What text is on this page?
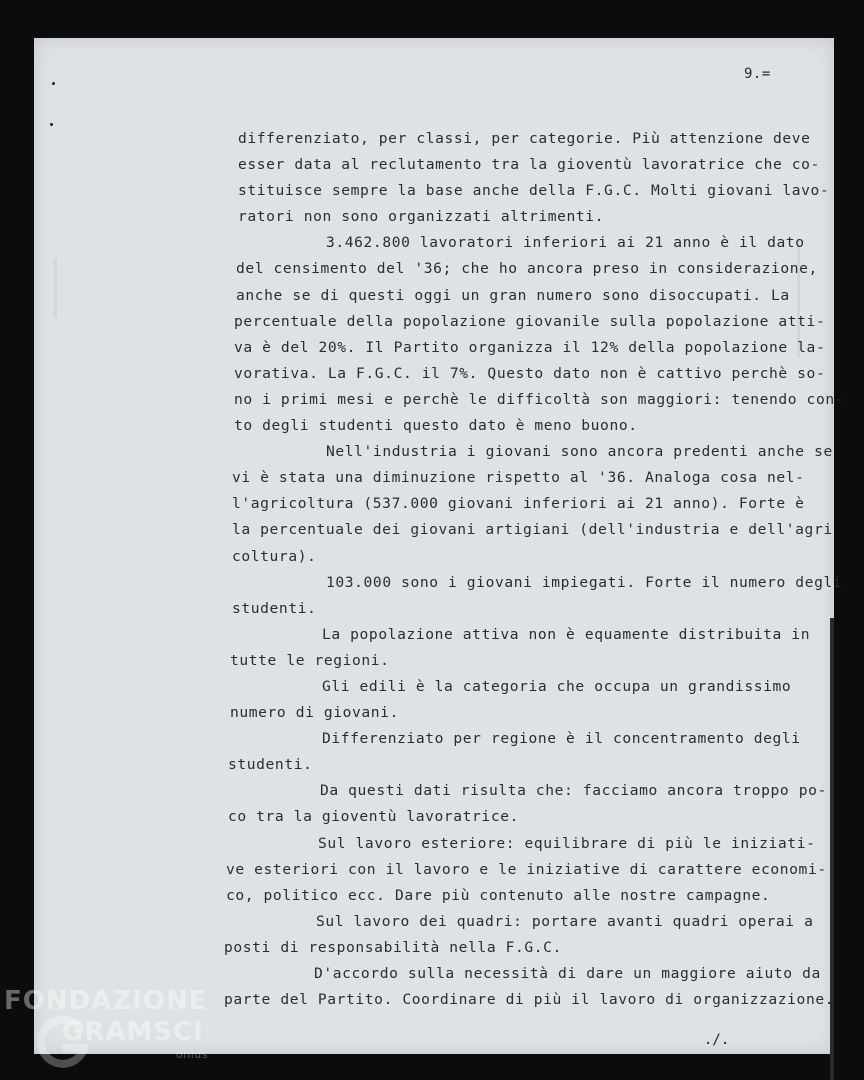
9.=
differenziato, per classi, per categorie. Più attenzione deve
esser data al reclutamento tra la gioventù lavoratrice che co-
stituisce sempre la base anche della F.G.C. Molti giovani lavo-
ratori non sono organizzati altrimenti.
3.462.800 lavoratori inferiori ai 21 anno è il dato
del censimento del '36; che ho ancora preso in considerazione,
anche se di questi oggi un gran numero sono disoccupati. La
percentuale della popolazione giovanile sulla popolazione atti-
va è del 20%. Il Partito organizza il 12% della popolazione la-
vorativa. La F.G.C. il 7%. Questo dato non è cattivo perchè so-
no i primi mesi e perchè le difficoltà son maggiori: tenendo con-
to degli studenti questo dato è meno buono.
Nell'industria i giovani sono ancora predenti anche se
vi è stata una diminuzione rispetto al '36. Analoga cosa nel-
l'agricoltura (537.000 giovani inferiori ai 21 anno). Forte è
la percentuale dei giovani artigiani (dell'industria e dell'agri
coltura).
103.000 sono i giovani impiegati. Forte il numero degli
studenti.
La popolazione attiva non è equamente distribuita in
tutte le regioni.
Gli edili è la categoria che occupa un grandissimo
numero di giovani.
Differenziato per regione è il concentramento degli
studenti.
Da questi dati risulta che: facciamo ancora troppo po-
co tra la gioventù lavoratrice.
Sul lavoro esteriore: equilibrare di più le iniziati-
ve esteriori con il lavoro e le iniziative di carattere economi-
co, politico ecc. Dare più contenuto alle nostre campagne.
Sul lavoro dei quadri: portare avanti quadri operai a
posti di responsabilità nella F.G.C.
D'accordo sulla necessità di dare un maggiore aiuto da
parte del Partito. Coordinare di più il lavoro di organizzazione.
./.
FONDAZIONE
GRAMSCI
onlus
